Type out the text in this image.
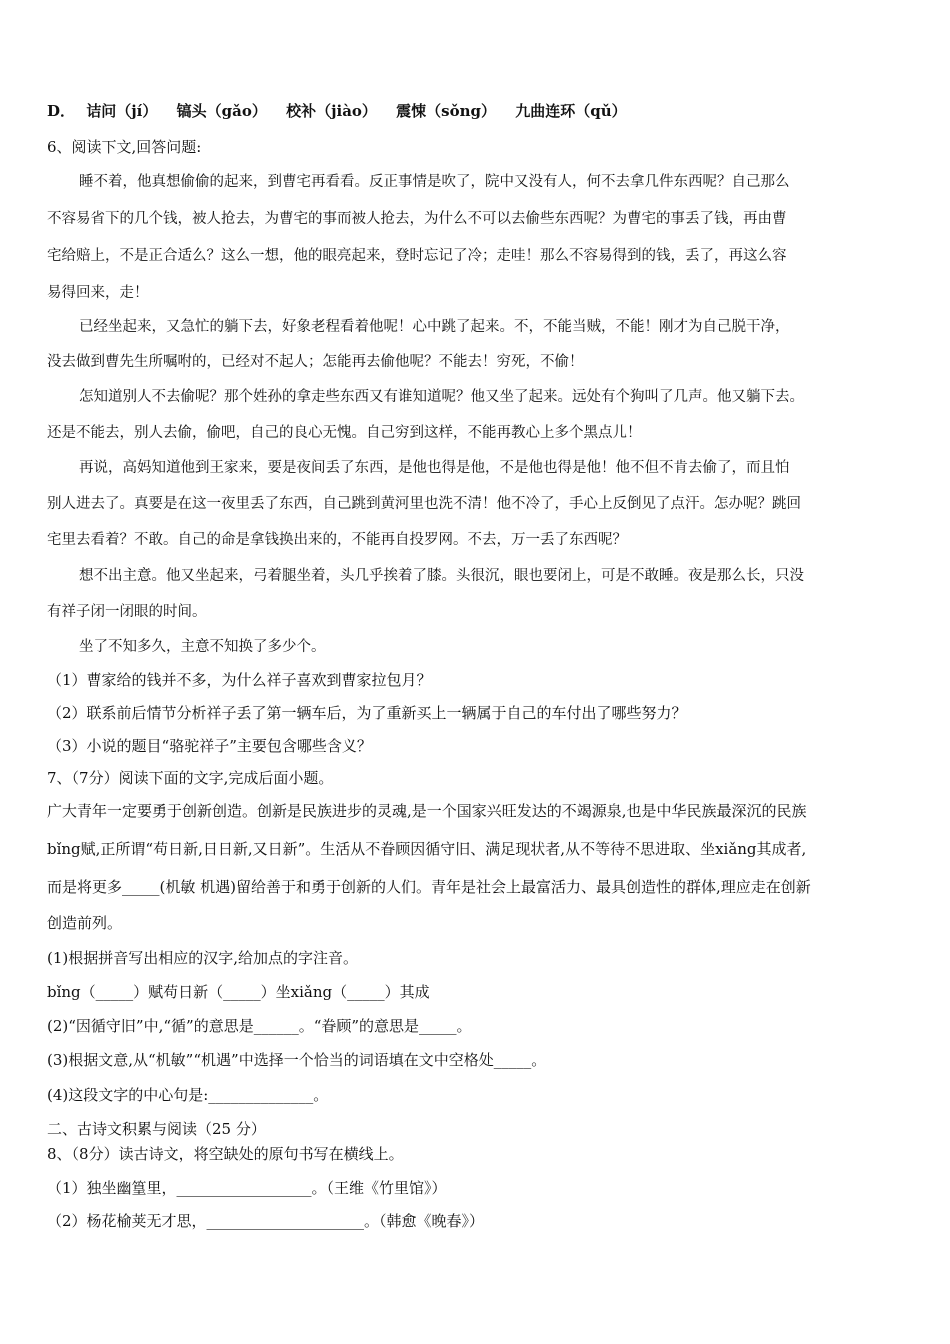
D． 诘问（jí） 镐头（gǎo） 校补（jiào） 震悚（sǒng） 九曲连环（qǔ）
6、阅读下文,回答问题:
睡不着，他真想偷偷的起来，到曹宅再看看。反正事情是吹了，院中又没有人，何不去拿几件东西呢？自己那么
不容易省下的几个钱，被人抢去，为曹宅的事而被人抢去，为什么不可以去偷些东西呢？为曹宅的事丢了钱，再由曹
宅给赔上，不是正合适么？这么一想，他的眼亮起来，登时忘记了冷；走哇！那么不容易得到的钱，丢了，再这么容
易得回来，走！
已经坐起来，又急忙的躺下去，好象老程看着他呢！心中跳了起来。不，不能当贼，不能！刚才为自己脱干净，
没去做到曹先生所嘱咐的，已经对不起人；怎能再去偷他呢？不能去！穷死，不偷！
怎知道别人不去偷呢？那个姓孙的拿走些东西又有谁知道呢？他又坐了起来。远处有个狗叫了几声。他又躺下去。
还是不能去，别人去偷，偷吧，自己的良心无愧。自己穷到这样，不能再教心上多个黑点儿！
再说，高妈知道他到王家来，要是夜间丢了东西，是他也得是他，不是他也得是他！他不但不肯去偷了，而且怕
别人进去了。真要是在这一夜里丢了东西，自己跳到黄河里也洗不清！他不冷了，手心上反倒见了点汗。怎办呢？跳回
宅里去看着？不敢。自己的命是拿钱换出来的，不能再自投罗网。不去，万一丢了东西呢？
想不出主意。他又坐起来，弓着腿坐着，头几乎挨着了膝。头很沉，眼也要闭上，可是不敢睡。夜是那么长，只没
有祥子闭一闭眼的时间。
坐了不知多久，主意不知换了多少个。
（1）曹家给的钱并不多，为什么祥子喜欢到曹家拉包月？
（2）联系前后情节分析祥子丢了第一辆车后，为了重新买上一辆属于自己的车付出了哪些努力？
（3）小说的题目“骆驼祥子”主要包含哪些含义？
7、（7分）阅读下面的文字,完成后面小题。
广大青年一定要勇于创新创造。创新是民族进步的灵魂,是一个国家兴旺发达的不竭源泉,也是中华民族最深沉的民族
bǐng赋,正所谓“苟日新,日日新,又日新”。生活从不眷顾因循守旧、满足现状者,从不等待不思进取、坐xiǎng其成者,
而是将更多_____(机敏 机遇)留给善于和勇于创新的人们。青年是社会上最富活力、最具创造性的群体,理应走在创新
创造前列。
(1)根据拼音写出相应的汉字,给加点的字注音。
bǐng（_____）赋苟日新（_____）坐xiǎng（_____）其成
(2)“因循守旧”中,“循”的意思是______。“眷顾”的意思是_____。
(3)根据文意,从“机敏”“机遇”中选择一个恰当的词语填在文中空格处_____。
(4)这段文字的中心句是:______________。
二、古诗文积累与阅读（25 分）
8、（8分）读古诗文，将空缺处的原句书写在横线上。
（1）独坐幽篁里，__________________。（王维《竹里馆》）
（2）杨花榆荚无才思，_____________________。（韩愈《晚春》）
